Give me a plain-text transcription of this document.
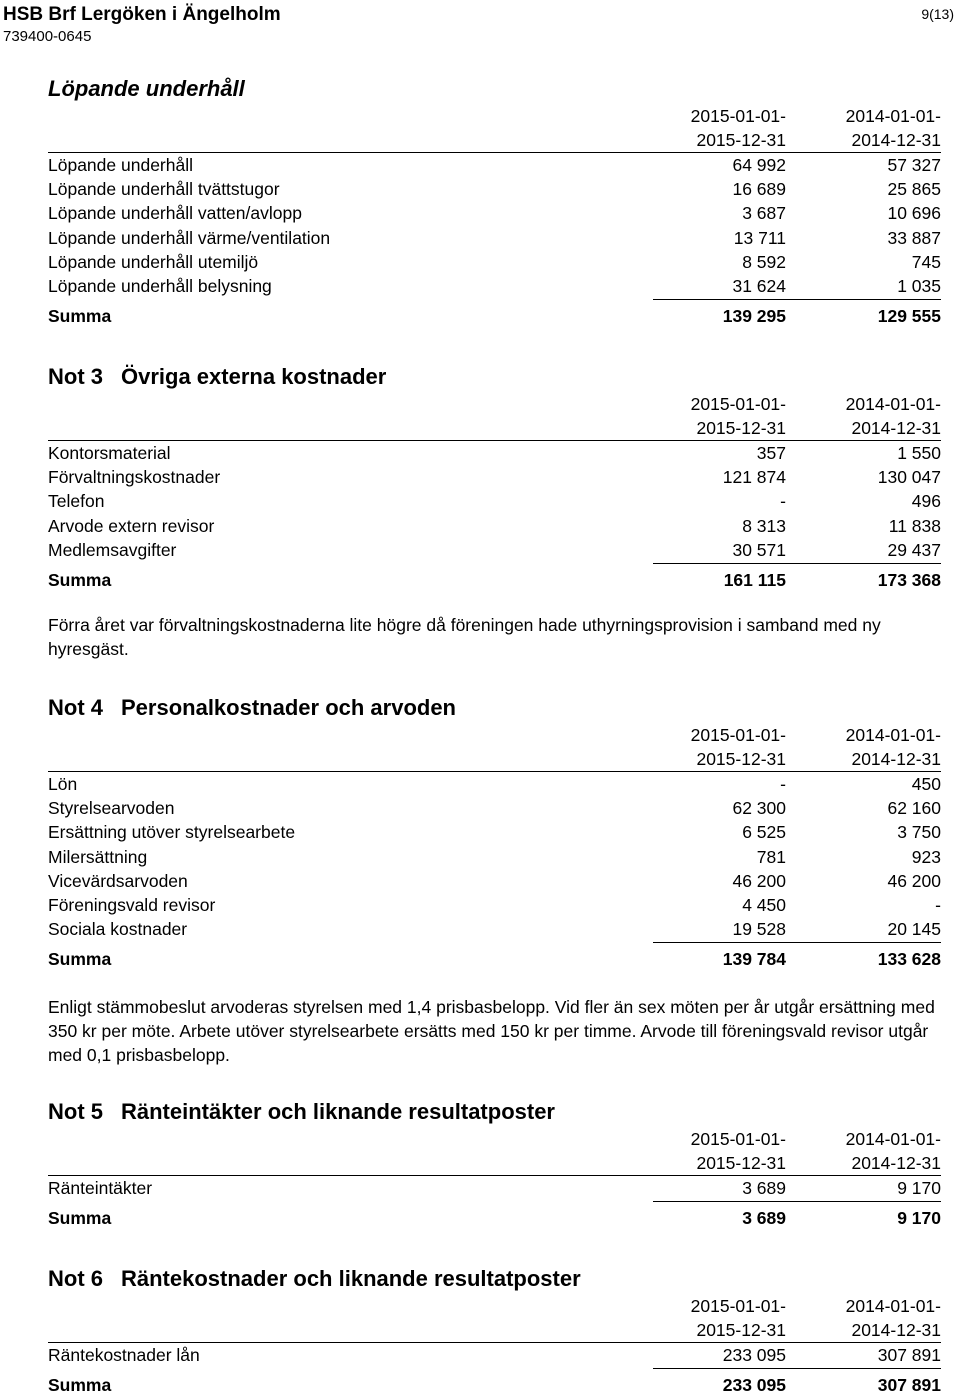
HSB Brf Lergöken i Ängelholm
739400-0645
9(13)
Löpande underhåll
2015-01-01-
2015-12-31
2014-01-01-
2014-12-31
Löpande underhåll	64 992	57 327
Löpande underhåll tvättstugor	16 689	25 865
Löpande underhåll vatten/avlopp	3 687	10 696
Löpande underhåll värme/ventilation	13 711	33 887
Löpande underhåll utemiljö	8 592	745
Löpande underhåll belysning	31 624	1 035
Summa	139 295	129 555
Not 3 Övriga externa kostnader
2015-01-01-
2015-12-31
2014-01-01-
2014-12-31
Kontorsmaterial	357	1 550
Förvaltningskostnader	121 874	130 047
Telefon	-	496
Arvode extern revisor	8 313	11 838
Medlemsavgifter	30 571	29 437
Summa	161 115	173 368
Förra året var förvaltningskostnaderna lite högre då föreningen hade uthyrningsprovision i samband med ny hyresgäst.
Not 4 Personalkostnader och arvoden
2015-01-01-
2015-12-31
2014-01-01-
2014-12-31
Lön	-	450
Styrelsearvoden	62 300	62 160
Ersättning utöver styrelsearbete	6 525	3 750
Milersättning	781	923
Vicevärdsarvoden	46 200	46 200
Föreningsvald revisor	4 450	-
Sociala kostnader	19 528	20 145
Summa	139 784	133 628
Enligt stämmobeslut arvoderas styrelsen med 1,4 prisbasbelopp. Vid fler än sex möten per år utgår ersättning med 350 kr per möte. Arbete utöver styrelsearbete ersätts med 150 kr per timme. Arvode till föreningsvald revisor utgår med 0,1 prisbasbelopp.
Not 5 Ränteintäkter och liknande resultatposter
2015-01-01-
2015-12-31
2014-01-01-
2014-12-31
Ränteintäkter	3 689	9 170
Summa	3 689	9 170
Not 6 Räntekostnader och liknande resultatposter
2015-01-01-
2015-12-31
2014-01-01-
2014-12-31
Räntekostnader lån	233 095	307 891
Summa	233 095	307 891
